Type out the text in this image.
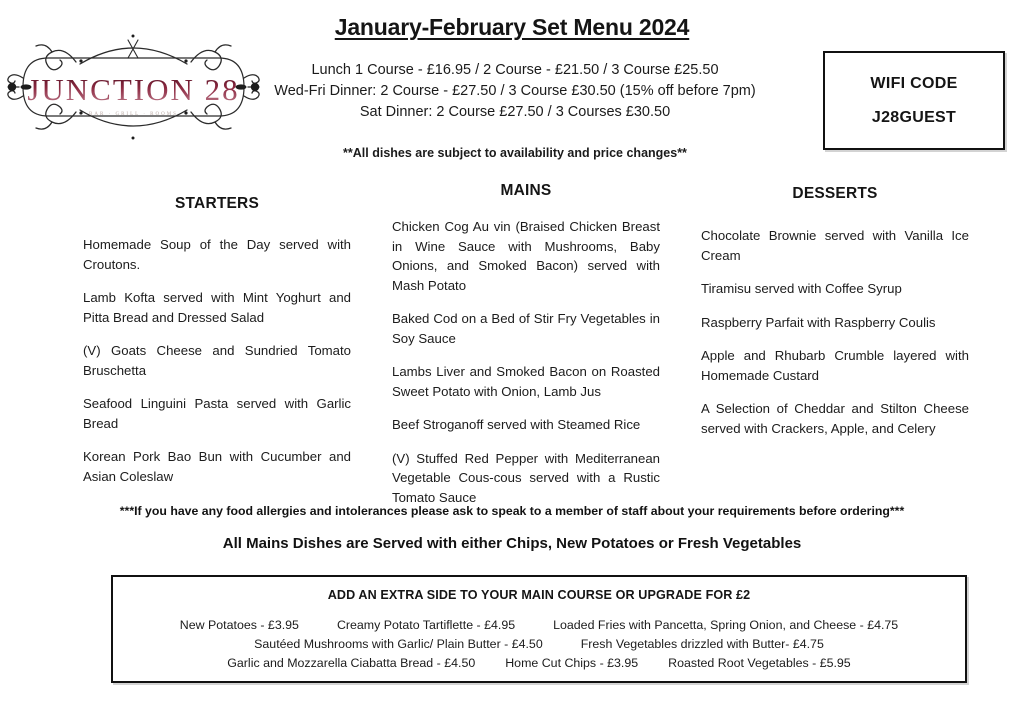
JUNCTION 28
BAR · GRILL · ROOMS
January-February Set Menu 2024
Lunch 1 Course - £16.95 / 2 Course - £21.50 / 3 Course £25.50
Wed-Fri Dinner: 2 Course - £27.50 / 3 Course £30.50 (15% off before 7pm)
Sat Dinner: 2 Course £27.50 / 3 Courses £30.50
**All dishes are subject to availability and price changes**
WIFI CODE
J28GUEST
STARTERS
Homemade Soup of the Day served with Croutons.
Lamb Kofta served with Mint Yoghurt and Pitta Bread and Dressed Salad
(V) Goats Cheese and Sundried Tomato Bruschetta
Seafood Linguini Pasta served with Garlic Bread
Korean Pork Bao Bun with Cucumber and Asian Coleslaw
MAINS
Chicken Cog Au vin (Braised Chicken Breast in Wine Sauce with Mushrooms, Baby Onions, and Smoked Bacon) served with Mash Potato
Baked Cod on a Bed of Stir Fry Vegetables in Soy Sauce
Lambs Liver and Smoked Bacon on Roasted Sweet Potato with Onion, Lamb Jus
Beef Stroganoff served with Steamed Rice
(V) Stuffed Red Pepper with Mediterranean Vegetable Cous-cous served with a Rustic Tomato Sauce
DESSERTS
Chocolate Brownie served with Vanilla Ice Cream
Tiramisu served with Coffee Syrup
Raspberry Parfait with Raspberry Coulis
Apple and Rhubarb Crumble layered with Homemade Custard
A Selection of Cheddar and Stilton Cheese served with Crackers, Apple, and Celery
***If you have any food allergies and intolerances please ask to speak to a member of staff about your requirements before ordering***
All Mains Dishes are Served with either Chips, New Potatoes or Fresh Vegetables
ADD AN EXTRA SIDE TO YOUR MAIN COURSE OR UPGRADE FOR £2
New Potatoes - £3.95	Creamy Potato Tartiflette - £4.95	Loaded Fries with Pancetta, Spring Onion, and Cheese - £4.75
Sautéed Mushrooms with Garlic/ Plain Butter - £4.50	Fresh Vegetables drizzled with Butter- £4.75
Garlic and Mozzarella Ciabatta Bread - £4.50 Home Cut Chips - £3.95 Roasted Root Vegetables - £5.95
